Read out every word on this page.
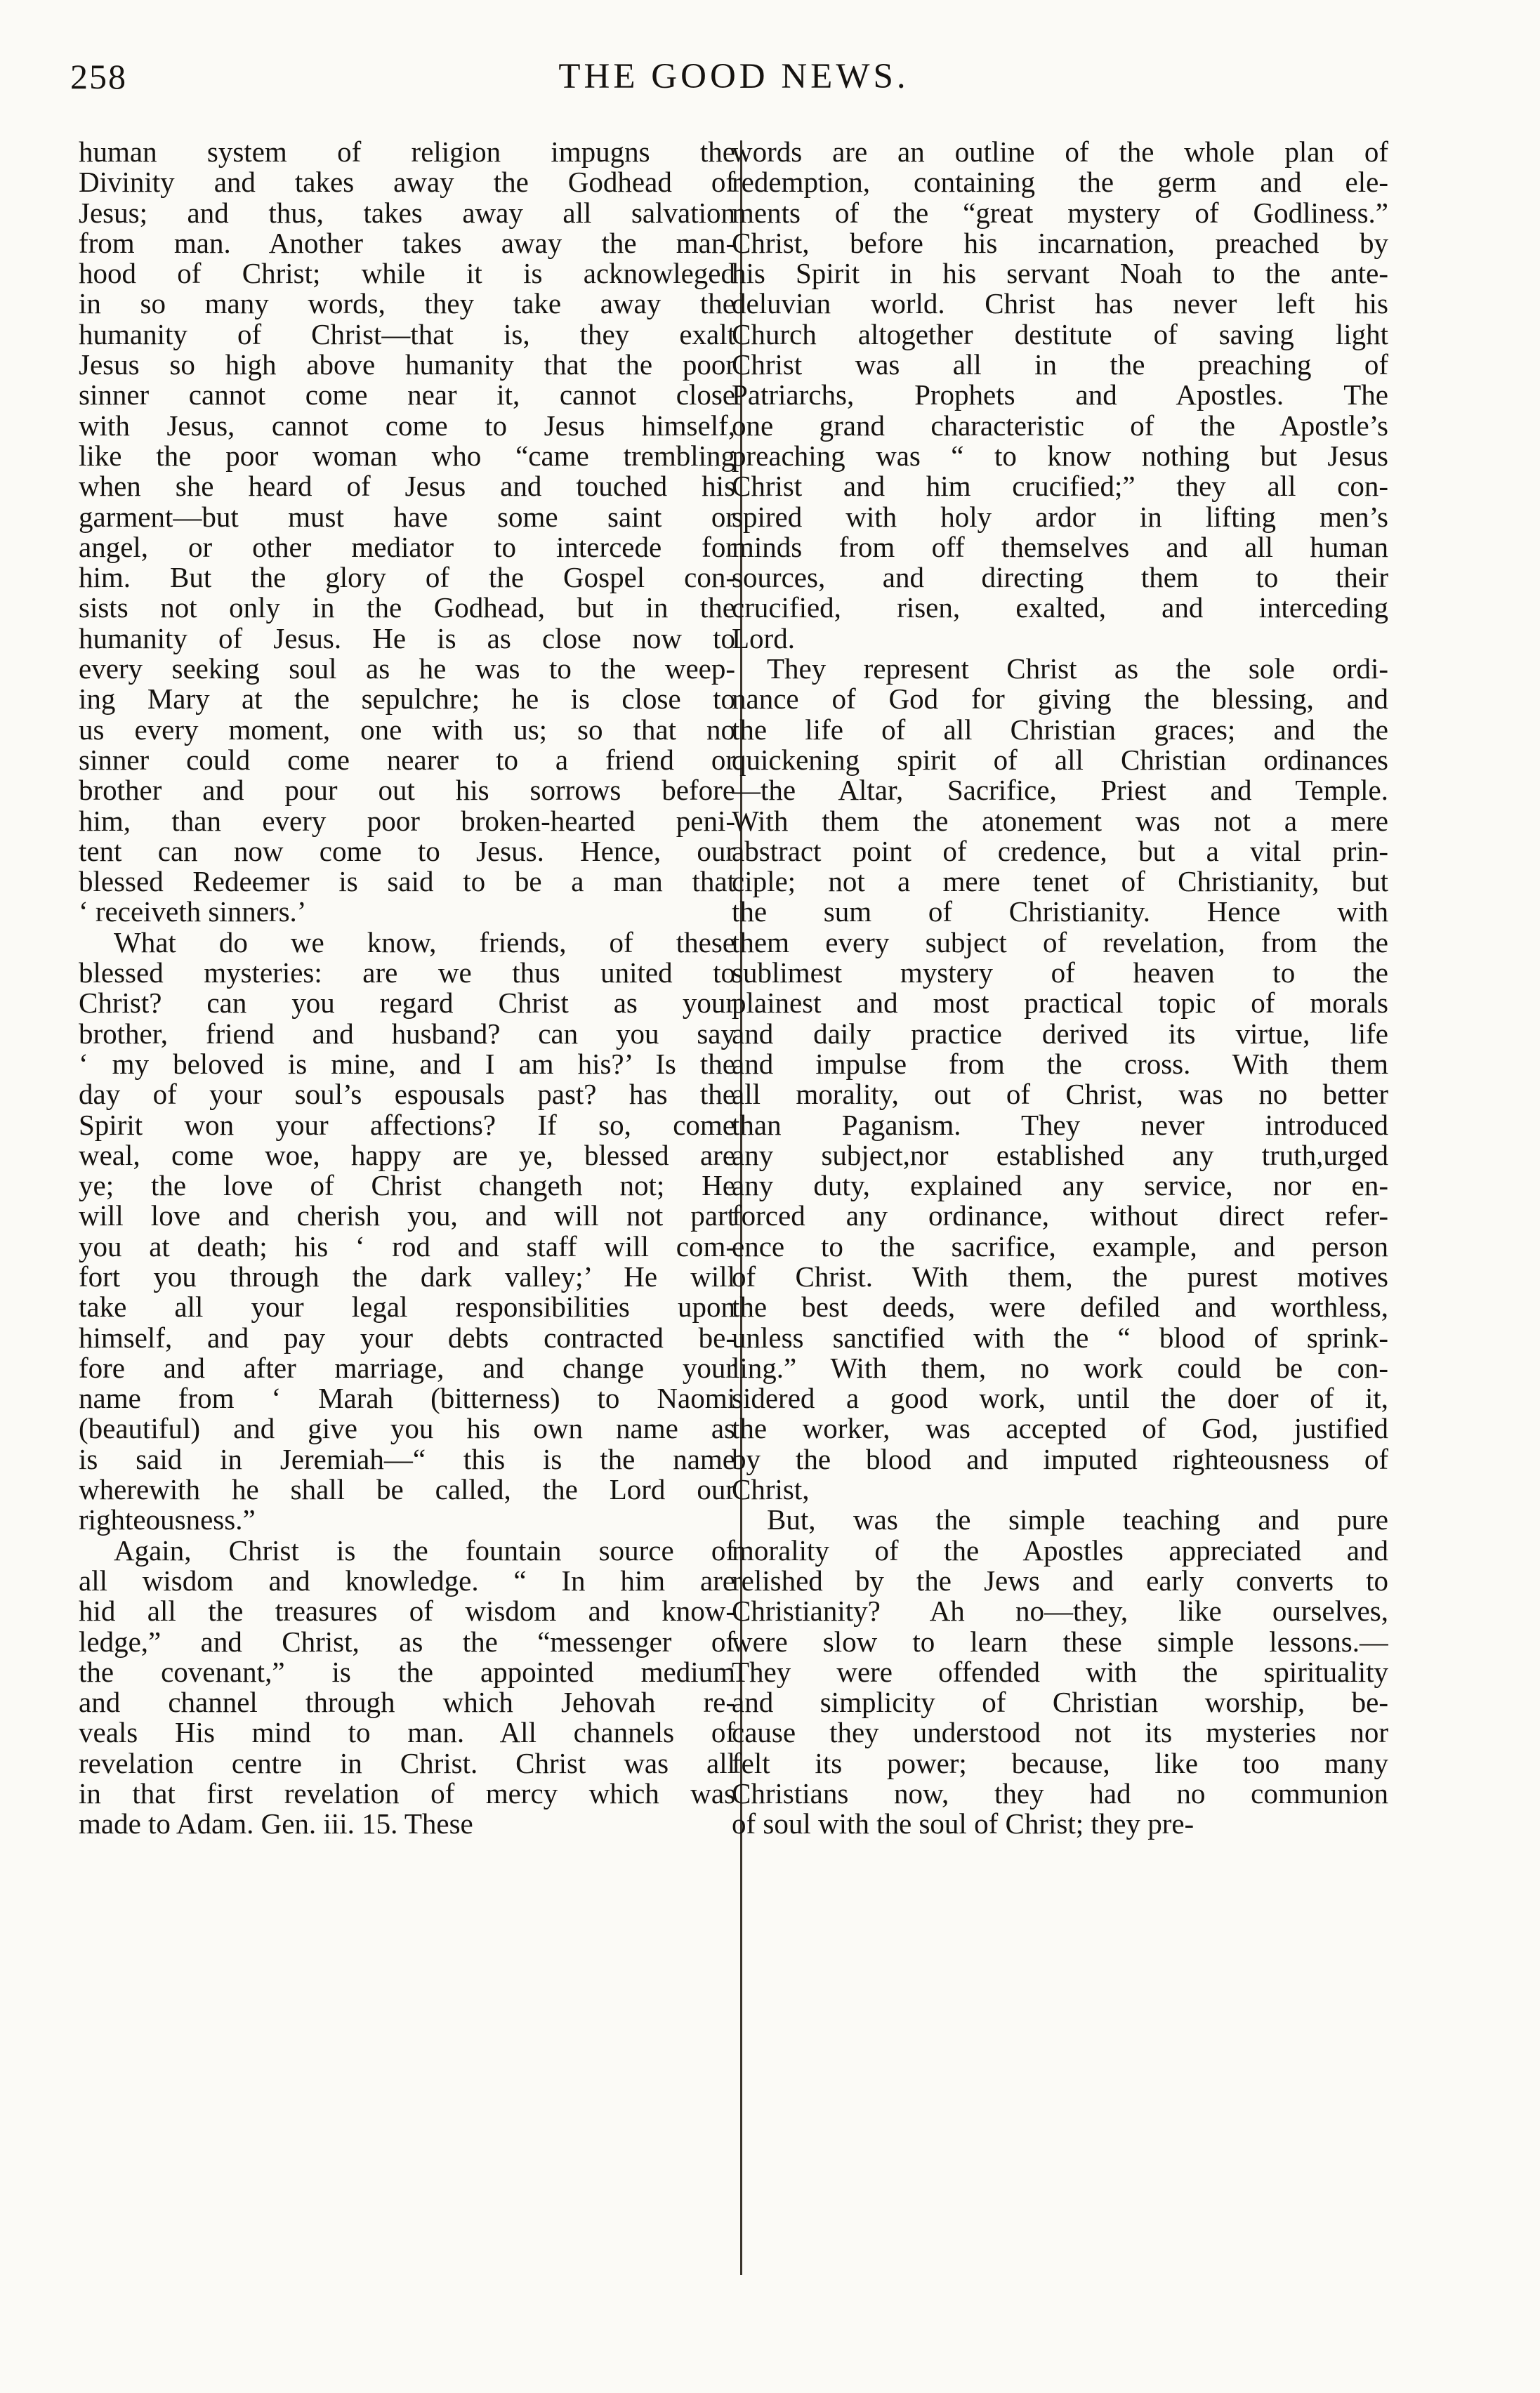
258	THE GOOD NEWS.
human system of religion impugns the
Divinity and takes away the Godhead of
Jesus; and thus, takes away all salvation
from man. Another takes away the man-
hood of Christ; while it is acknowleged
in so many words, they take away the
humanity of Christ—that is, they exalt
Jesus so high above humanity that the poor
sinner cannot come near it, cannot close
with Jesus, cannot come to Jesus himself,
like the poor woman who “came trembling
when she heard of Jesus and touched his
garment—but must have some saint or
angel, or other mediator to intercede for
him. But the glory of the Gospel con-
sists not only in the Godhead, but in the
humanity of Jesus. He is as close now to
every seeking soul as he was to the weep-
ing Mary at the sepulchre; he is close to
us every moment, one with us; so that no
sinner could come nearer to a friend or
brother and pour out his sorrows before
him, than every poor broken-hearted peni-
tent can now come to Jesus. Hence, our
blessed Redeemer is said to be a man that
‘ receiveth sinners.’
What do we know, friends, of these
blessed mysteries: are we thus united to
Christ? can you regard Christ as your
brother, friend and husband? can you say
‘ my beloved is mine, and I am his?’ Is the
day of your soul’s espousals past? has the
Spirit won your affections? If so, come
weal, come woe, happy are ye, blessed are
ye; the love of Christ changeth not; He
will love and cherish you, and will not part
you at death; his ‘ rod and staff will com-
fort you through the dark valley;’ He will
take all your legal responsibilities upon
himself, and pay your debts contracted be-
fore and after marriage, and change your
name from ‘ Marah (bitterness) to Naomi
(beautiful) and give you his own name as
is said in Jeremiah—“ this is the name
wherewith he shall be called, the Lord our
righteousness.”
Again, Christ is the fountain source of
all wisdom and knowledge. “ In him are
hid all the treasures of wisdom and know-
ledge,” and Christ, as the “messenger of
the covenant,” is the appointed medium
and channel through which Jehovah re-
veals His mind to man. All channels of
revelation centre in Christ. Christ was all
in that first revelation of mercy which was
made to Adam. Gen. iii. 15. These
words are an outline of the whole plan of
redemption, containing the germ and ele-
ments of the “great mystery of Godliness.”
Christ, before his incarnation, preached by
his Spirit in his servant Noah to the ante-
deluvian world. Christ has never left his
Church altogether destitute of saving light
Christ was all in the preaching of
Patriarchs, Prophets and Apostles. The
one grand characteristic of the Apostle’s
preaching was “ to know nothing but Jesus
Christ and him crucified;” they all con-
spired with holy ardor in lifting men’s
minds from off themselves and all human
sources, and directing them to their
crucified, risen, exalted, and interceding
Lord.
They represent Christ as the sole ordi-
nance of God for giving the blessing, and
the life of all Christian graces; and the
quickening spirit of all Christian ordinances
—the Altar, Sacrifice, Priest and Temple.
With them the atonement was not a mere
abstract point of credence, but a vital prin-
ciple; not a mere tenet of Christianity, but
the sum of Christianity. Hence with
them every subject of revelation, from the
sublimest mystery of heaven to the
plainest and most practical topic of morals
and daily practice derived its virtue, life
and impulse from the cross. With them
all morality, out of Christ, was no better
than Paganism. They never introduced
any subject,nor established any truth,urged
any duty, explained any service, nor en-
forced any ordinance, without direct refer-
ence to the sacrifice, example, and person
of Christ. With them, the purest motives
the best deeds, were defiled and worthless,
unless sanctified with the “ blood of sprink-
ling.” With them, no work could be con-
sidered a good work, until the doer of it,
the worker, was accepted of God, justified
by the blood and imputed righteousness of
Christ,
But, was the simple teaching and pure
morality of the Apostles appreciated and
relished by the Jews and early converts to
Christianity? Ah no—they, like ourselves,
were slow to learn these simple lessons.—
They were offended with the spirituality
and simplicity of Christian worship, be-
cause they understood not its mysteries nor
felt its power; because, like too many
Christians now, they had no communion
of soul with the soul of Christ; they pre-
